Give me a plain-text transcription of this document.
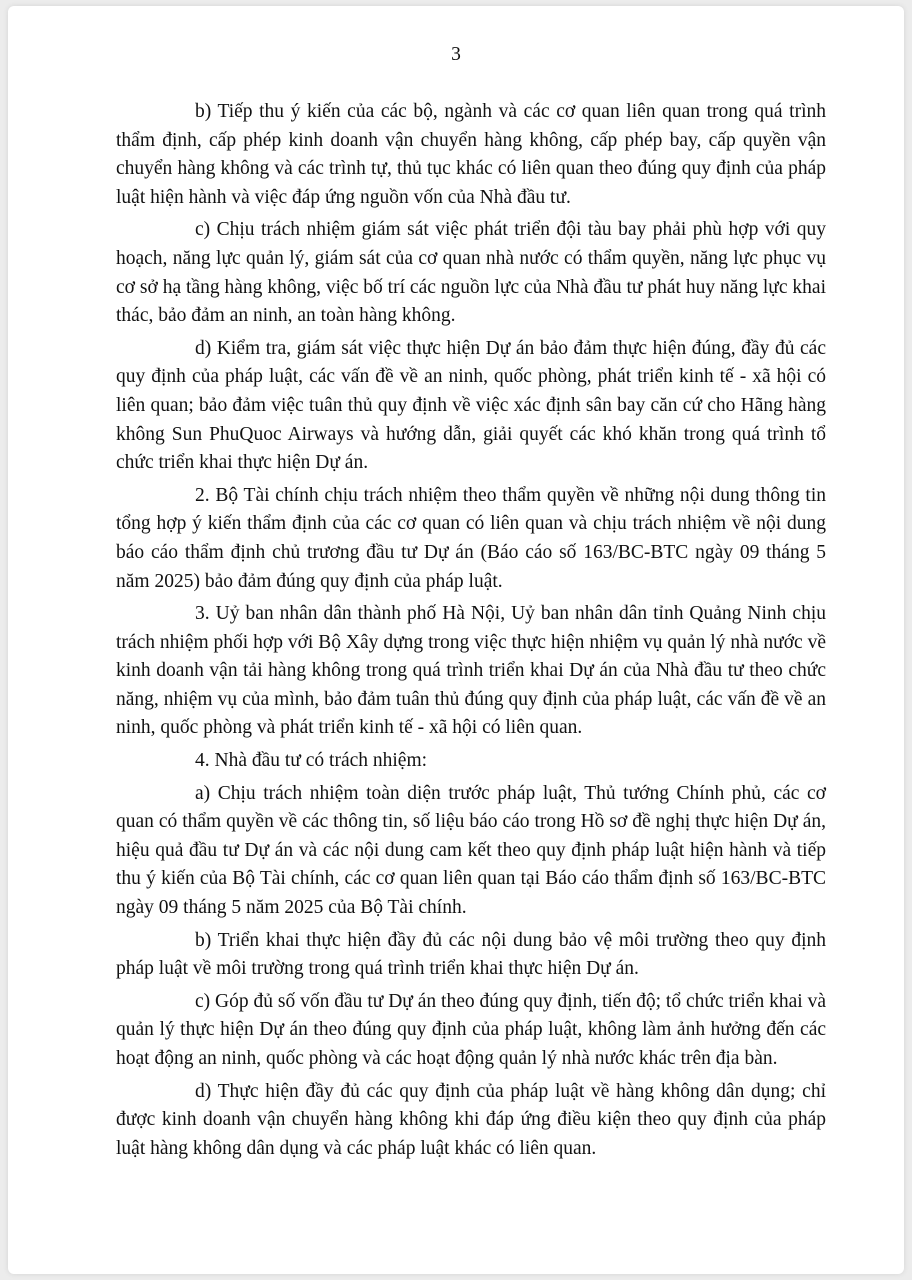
3

b) Tiếp thu ý kiến của các bộ, ngành và các cơ quan liên quan trong quá trình thẩm định, cấp phép kinh doanh vận chuyển hàng không, cấp phép bay, cấp quyền vận chuyển hàng không và các trình tự, thủ tục khác có liên quan theo đúng quy định của pháp luật hiện hành và việc đáp ứng nguồn vốn của Nhà đầu tư.

c) Chịu trách nhiệm giám sát việc phát triển đội tàu bay phải phù hợp với quy hoạch, năng lực quản lý, giám sát của cơ quan nhà nước có thẩm quyền, năng lực phục vụ cơ sở hạ tầng hàng không, việc bố trí các nguồn lực của Nhà đầu tư phát huy năng lực khai thác, bảo đảm an ninh, an toàn hàng không.

d) Kiểm tra, giám sát việc thực hiện Dự án bảo đảm thực hiện đúng, đầy đủ các quy định của pháp luật, các vấn đề về an ninh, quốc phòng, phát triển kinh tế - xã hội có liên quan; bảo đảm việc tuân thủ quy định về việc xác định sân bay căn cứ cho Hãng hàng không Sun PhuQuoc Airways và hướng dẫn, giải quyết các khó khăn trong quá trình tổ chức triển khai thực hiện Dự án.

2. Bộ Tài chính chịu trách nhiệm theo thẩm quyền về những nội dung thông tin tổng hợp ý kiến thẩm định của các cơ quan có liên quan và chịu trách nhiệm về nội dung báo cáo thẩm định chủ trương đầu tư Dự án (Báo cáo số 163/BC-BTC ngày 09 tháng 5 năm 2025) bảo đảm đúng quy định của pháp luật.

3. Uỷ ban nhân dân thành phố Hà Nội, Uỷ ban nhân dân tỉnh Quảng Ninh chịu trách nhiệm phối hợp với Bộ Xây dựng trong việc thực hiện nhiệm vụ quản lý nhà nước về kinh doanh vận tải hàng không trong quá trình triển khai Dự án của Nhà đầu tư theo chức năng, nhiệm vụ của mình, bảo đảm tuân thủ đúng quy định của pháp luật, các vấn đề về an ninh, quốc phòng và phát triển kinh tế - xã hội có liên quan.

4. Nhà đầu tư có trách nhiệm:

a) Chịu trách nhiệm toàn diện trước pháp luật, Thủ tướng Chính phủ, các cơ quan có thẩm quyền về các thông tin, số liệu báo cáo trong Hồ sơ đề nghị thực hiện Dự án, hiệu quả đầu tư Dự án và các nội dung cam kết theo quy định pháp luật hiện hành và tiếp thu ý kiến của Bộ Tài chính, các cơ quan liên quan tại Báo cáo thẩm định số 163/BC-BTC ngày 09 tháng 5 năm 2025 của Bộ Tài chính.

b) Triển khai thực hiện đầy đủ các nội dung bảo vệ môi trường theo quy định pháp luật về môi trường trong quá trình triển khai thực hiện Dự án.

c) Góp đủ số vốn đầu tư Dự án theo đúng quy định, tiến độ; tổ chức triển khai và quản lý thực hiện Dự án theo đúng quy định của pháp luật, không làm ảnh hưởng đến các hoạt động an ninh, quốc phòng và các hoạt động quản lý nhà nước khác trên địa bàn.

d) Thực hiện đầy đủ các quy định của pháp luật về hàng không dân dụng; chỉ được kinh doanh vận chuyển hàng không khi đáp ứng điều kiện theo quy định của pháp luật hàng không dân dụng và các pháp luật khác có liên quan.
